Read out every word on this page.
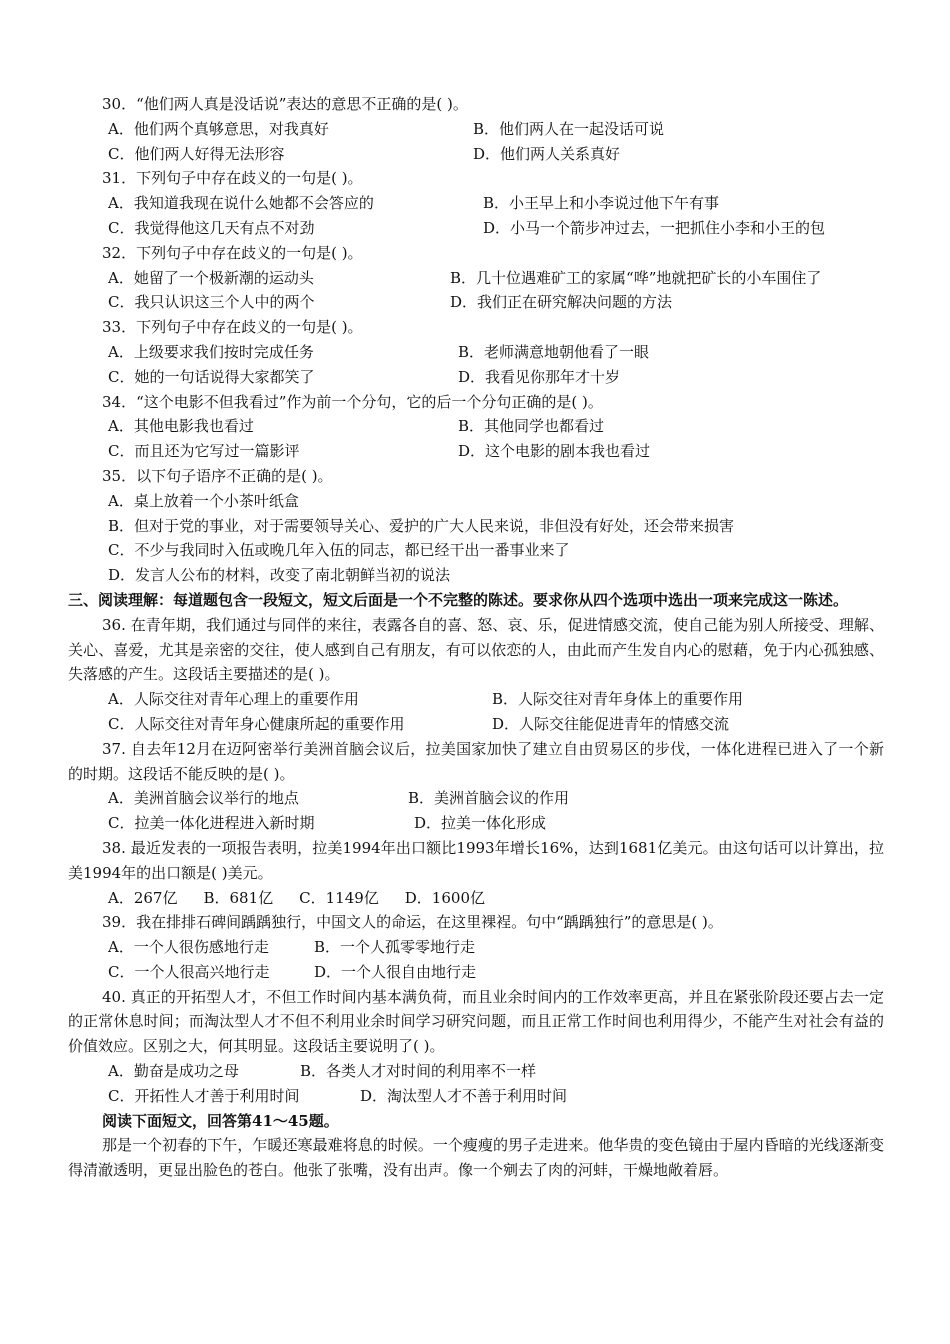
30．“他们两人真是没话说”表达的意思不正确的是( )。
A．他们两个真够意思，对我真好	B．他们两人在一起没话可说
C．他们两人好得无法形容	D．他们两人关系真好
31．下列句子中存在歧义的一句是( )。
A．我知道我现在说什么她都不会答应的	B．小王早上和小李说过他下午有事
C．我觉得他这几天有点不对劲	D．小马一个箭步冲过去，一把抓住小李和小王的包
32．下列句子中存在歧义的一句是( )。
A．她留了一个极新潮的运动头	B．几十位遇难矿工的家属“哗”地就把矿长的小车围住了
C．我只认识这三个人中的两个	D．我们正在研究解决问题的方法
33．下列句子中存在歧义的一句是( )。
A．上级要求我们按时完成任务	B．老师满意地朝他看了一眼
C．她的一句话说得大家都笑了	D．我看见你那年才十岁
34．“这个电影不但我看过”作为前一个分句，它的后一个分句正确的是( )。
A．其他电影我也看过	B．其他同学也都看过
C．而且还为它写过一篇影评	D．这个电影的剧本我也看过
35．以下句子语序不正确的是( )。
A．桌上放着一个小茶叶纸盒
B．但对于党的事业，对于需要领导关心、爱护的广大人民来说，非但没有好处，还会带来损害
C．不少与我同时入伍或晚几年入伍的同志，都已经干出一番事业来了
D．发言人公布的材料，改变了南北朝鲜当初的说法
三、阅读理解：每道题包含一段短文，短文后面是一个不完整的陈述。要求你从四个选项中选出一项来完成这一陈述。
36. 在青年期，我们通过与同伴的来往，表露各自的喜、怒、哀、乐，促进情感交流，使自己能为别人所接受、理解、关心、喜爱，尤其是亲密的交往，使人感到自己有朋友，有可以依恋的人，由此而产生发自内心的慰藉，免于内心孤独感、失落感的产生。这段话主要描述的是( )。
A．人际交往对青年心理上的重要作用	B．人际交往对青年身体上的重要作用
C．人际交往对青年身心健康所起的重要作用	D．人际交往能促进青年的情感交流
37. 自去年12月在迈阿密举行美洲首脑会议后，拉美国家加快了建立自由贸易区的步伐，一体化进程已进入了一个新的时期。这段话不能反映的是( )。
A．美洲首脑会议举行的地点	B．美洲首脑会议的作用
C．拉美一体化进程进入新时期	D．拉美一体化形成
38. 最近发表的一项报告表明，拉美1994年出口额比1993年增长16%，达到1681亿美元。由这句话可以计算出，拉美1994年的出口额是( )美元。
A．267亿 B．681亿 C．1149亿 D．1600亿
39．我在排排石碑间踽踽独行，中国文人的命运，在这里裸裎。句中“踽踽独行”的意思是( )。
A．一个人很伤感地行走	B．一个人孤零零地行走
C．一个人很高兴地行走	D．一个人很自由地行走
40. 真正的开拓型人才，不但工作时间内基本满负荷，而且业余时间内的工作效率更高，并且在紧张阶段还要占去一定的正常休息时间；而淘汰型人才不但不利用业余时间学习研究问题，而且正常工作时间也利用得少，不能产生对社会有益的价值效应。区别之大，何其明显。这段话主要说明了( )。
A．勤奋是成功之母	B．各类人才对时间的利用率不一样
C．开拓性人才善于利用时间	D．淘汰型人才不善于利用时间
阅读下面短文，回答第41～45题。
那是一个初春的下午，乍暖还寒最难将息的时候。一个瘦瘦的男子走进来。他华贵的变色镜由于屋内昏暗的光线逐渐变得清澈透明，更显出脸色的苍白。他张了张嘴，没有出声。像一个剜去了肉的河蚌，干燥地敞着唇。
